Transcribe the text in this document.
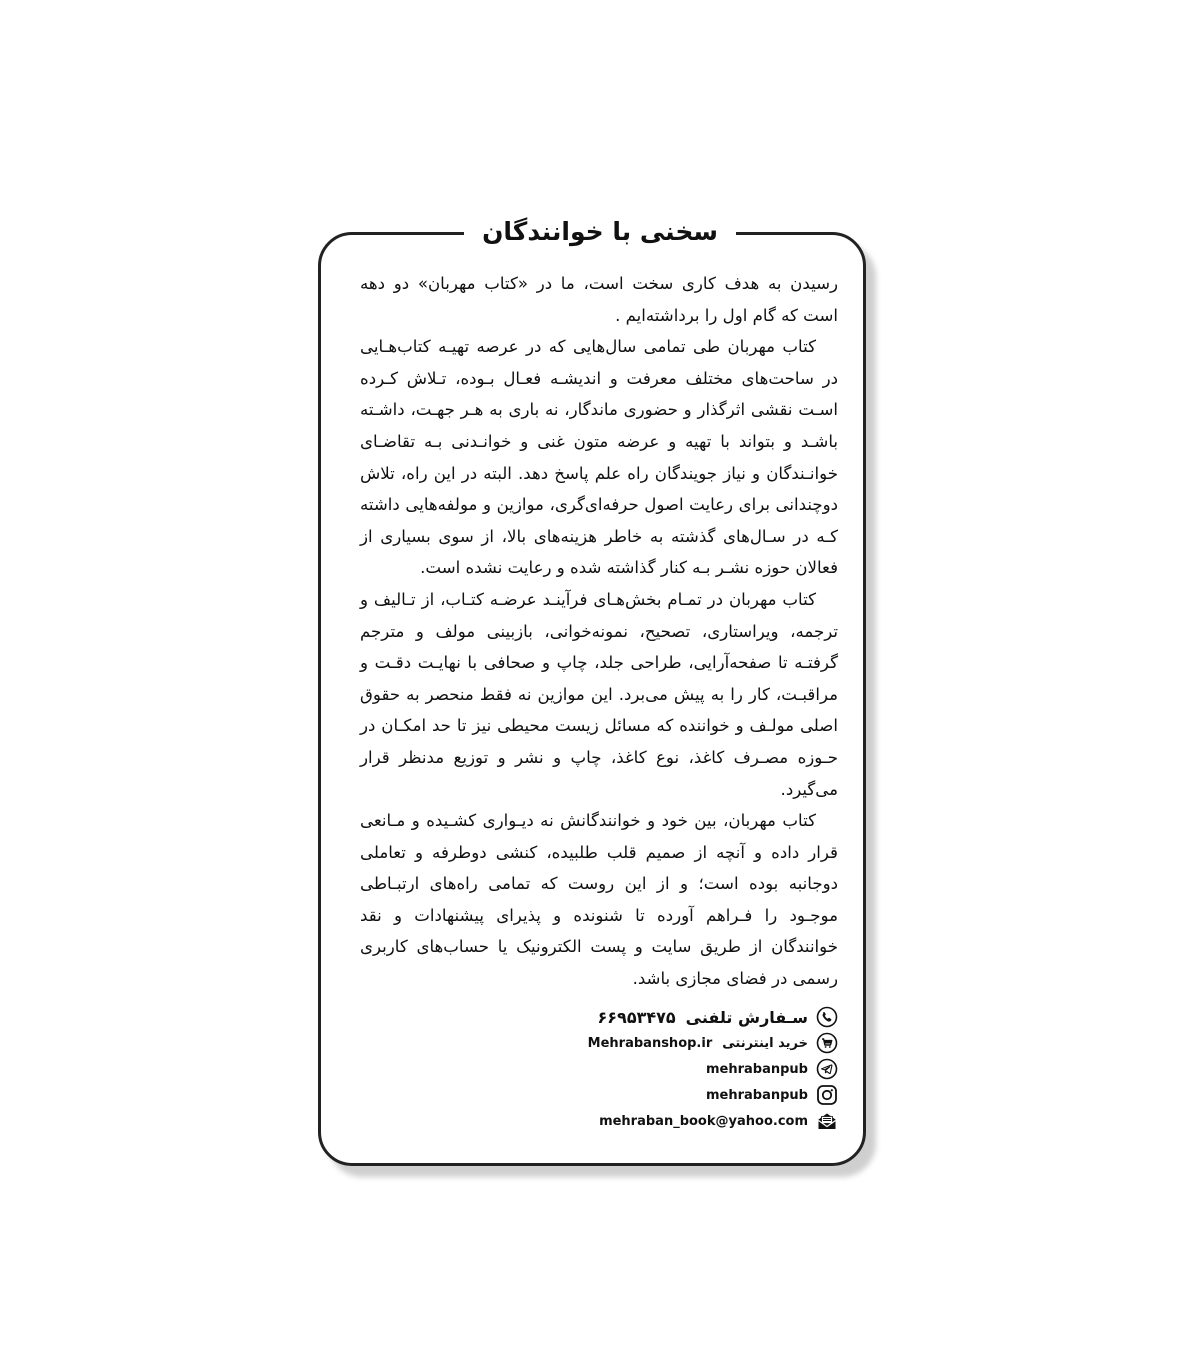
سخنی با خوانندگان

رسیدن به هدف کاری سخت است، ما در «کتاب مهربان» دو دهه است که گام اول را برداشته‌ایم .

کتاب مهربان طی تمامی سال‌هایی که در عرصه تهیـه کتاب‌هـایی در ساحت‌های مختلف معرفت و اندیشـه فعـال بـوده، تـلاش کـرده اسـت نقشی اثرگذار و حضوری ماندگار، نه باری به هـر جهـت، داشـته باشـد و بتواند با تهیه و عرضه متون غنی و خوانـدنی بـه تقاضـای خوانـندگان و نیاز جویندگان راه علم پاسخ دهد. البته در این راه، تلاش دوچندانی برای رعایت اصول حرفه‌ای‌گری، موازین و مولفه‌هایی داشته کـه در سـال‌های گذشته به خاطر هزینه‌های بالا، از سوی بسیاری از فعالان حوزه نشـر بـه کنار گذاشته شده و رعایت نشده است.

کتاب مهربان در تمـام بخش‌هـای فرآینـد عرضـه کتـاب، از تـالیف و ترجمه، ویراستاری، تصحیح، نمونه‌خوانی، بازبینی مولف و مترجم گرفتـه تا صفحه‌آرایی، طراحی جلد، چاپ و صحافی با نهایـت دقـت و مراقبـت، کار را به پیش می‌برد. این موازین نه فقط منحصر به حقوق اصلی مولـف و خواننده که مسائل زیست محیطی نیز تا حد امکـان در حـوزه مصـرف کاغذ، نوع کاغذ، چاپ و نشر و توزیع مدنظر قرار می‌گیرد.

کتاب مهربان، بین خود و خوانندگانش نه دیـواری کشـیده و مـانعی قرار داده و آنچه از صمیم قلب طلبیده، کنشی دوطرفه و تعاملی دوجانبه بوده است؛ و از این روست که تمامی راه‌های ارتبـاطی موجـود را فـراهم آورده تا شنونده و پذیرای پیشنهادات و نقد خوانندگان از طریق سایت و پست الکترونیک یا حساب‌های کاربری رسمی در فضای مجازی باشد.

سـفارش تلفنی
۶۶۹۵۳۴۷۵
خرید اینترنتی
Mehrabanshop.ir
mehrabanpub
mehrabanpub
mehraban_book@yahoo.com
